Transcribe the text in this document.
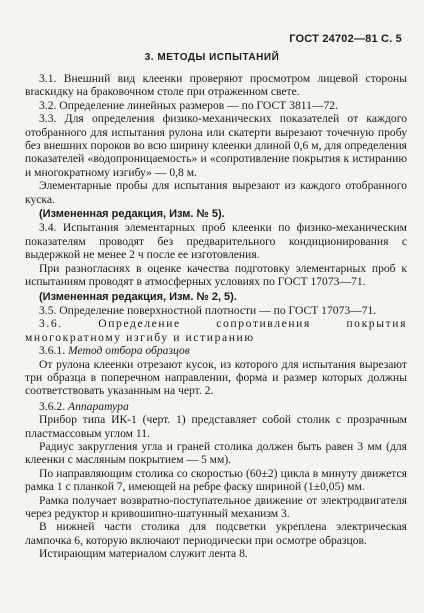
ГОСТ 24702—81 С. 5
3. МЕТОДЫ ИСПЫТАНИЙ

3.1. Внешний вид клеенки проверяют просмотром лицевой стороны вraскидку на браковочном столе при отраженном свете.

3.2. Определение линейных размеров — по ГОСТ 3811—72.

3.3. Для определения физико-механических показателей от каждого отобранного для испытания рулона или скатерти вырезают точечную пробу без внешних пороков во всю ширину клеенки длиной 0,6 м, для определения показателей «водопроницаемость» и «сопротивление покрытия к истиранию и многократному изгибу» — 0,8 м.

Элементарные пробы для испытания вырезают из каждого отобранного куска.

(Измененная редакция, Изм. № 5).

3.4. Испытания элементарных проб клеенки по физико-механическим показателям проводят без предварительного кондиционирования с выдержкой не менее 2 ч после ее изготовления.

При разногласиях в оценке качества подготовку элементарных проб к испытаниям проводят в атмосферных условиях по ГОСТ 17073—71.

(Измененная редакция, Изм. № 2, 5).

3.5. Определение поверхностной плотности — по ГОСТ 17073—71.

3.6. Определение сопротивления покрытия многократному изгибу и истиранию

3.6.1. Метод отбора образцов

От рулона клеенки отрезают кусок, из которого для испытания вырезают три образца в поперечном направлении, форма и размер которых должны соответствовать указанным на черт. 2.

3.6.2. Аппаратура

Прибор типа ИК-1 (черт. 1) представляет собой столик с прозрачным пластмассовым углом 11.

Радиус закругления угла и граней столика должен быть равен 3 мм (для клеенки с масляным покрытием — 5 мм).

По направляющим столика со скоростью (60±2) цикла в минуту движется рамка 1 с планкой 7, имеющей на ребре фаску шириной (1±0,05) мм.

Рамка получает возвратно-поступательное движение от электродвигателя через редуктор и кривошипно-шатунный механизм 3.

В нижней части столика для подсветки укреплена электрическая лампочка 6, которую включают периодически при осмотре образцов.

Истирающим материалом служит лента 8.
